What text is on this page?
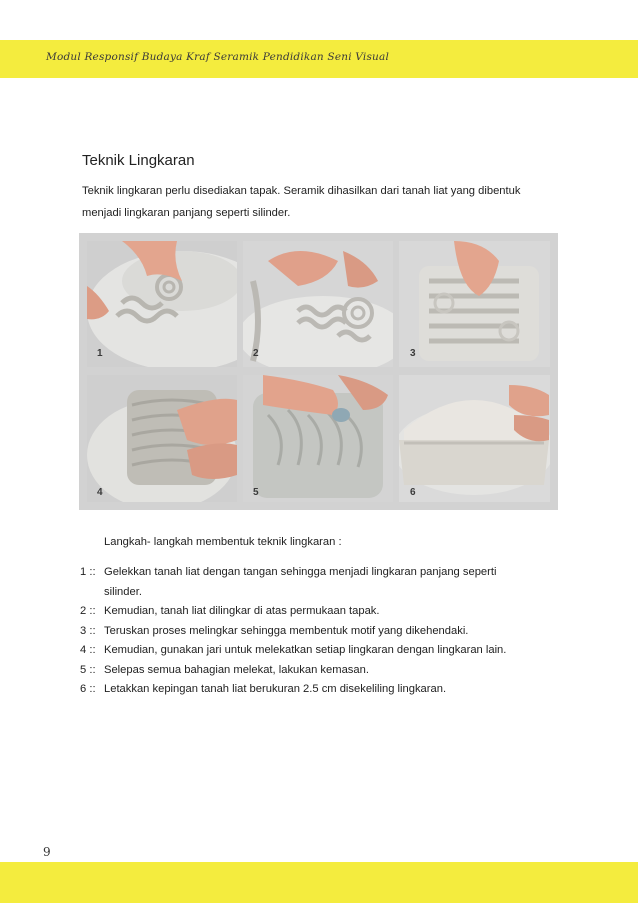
Modul Responsif Budaya Kraf Seramik Pendidikan Seni Visual
Teknik Lingkaran
Teknik lingkaran perlu disediakan tapak. Seramik dihasilkan dari tanah liat yang dibentuk menjadi lingkaran panjang seperti silinder.
1	2	3
4	5	6
Langkah- langkah membentuk teknik lingkaran :
1 :: Gelekkan tanah liat dengan tangan sehingga menjadi lingkaran panjang seperti silinder.
2 :: Kemudian, tanah liat dilingkar di atas permukaan tapak.
3 :: Teruskan proses melingkar sehingga membentuk motif yang dikehendaki.
4 :: Kemudian, gunakan jari untuk melekatkan setiap lingkaran dengan lingkaran lain.
5 :: Selepas semua bahagian melekat, lakukan kemasan.
6 :: Letakkan kepingan tanah liat berukuran 2.5 cm disekeliling lingkaran.
9
